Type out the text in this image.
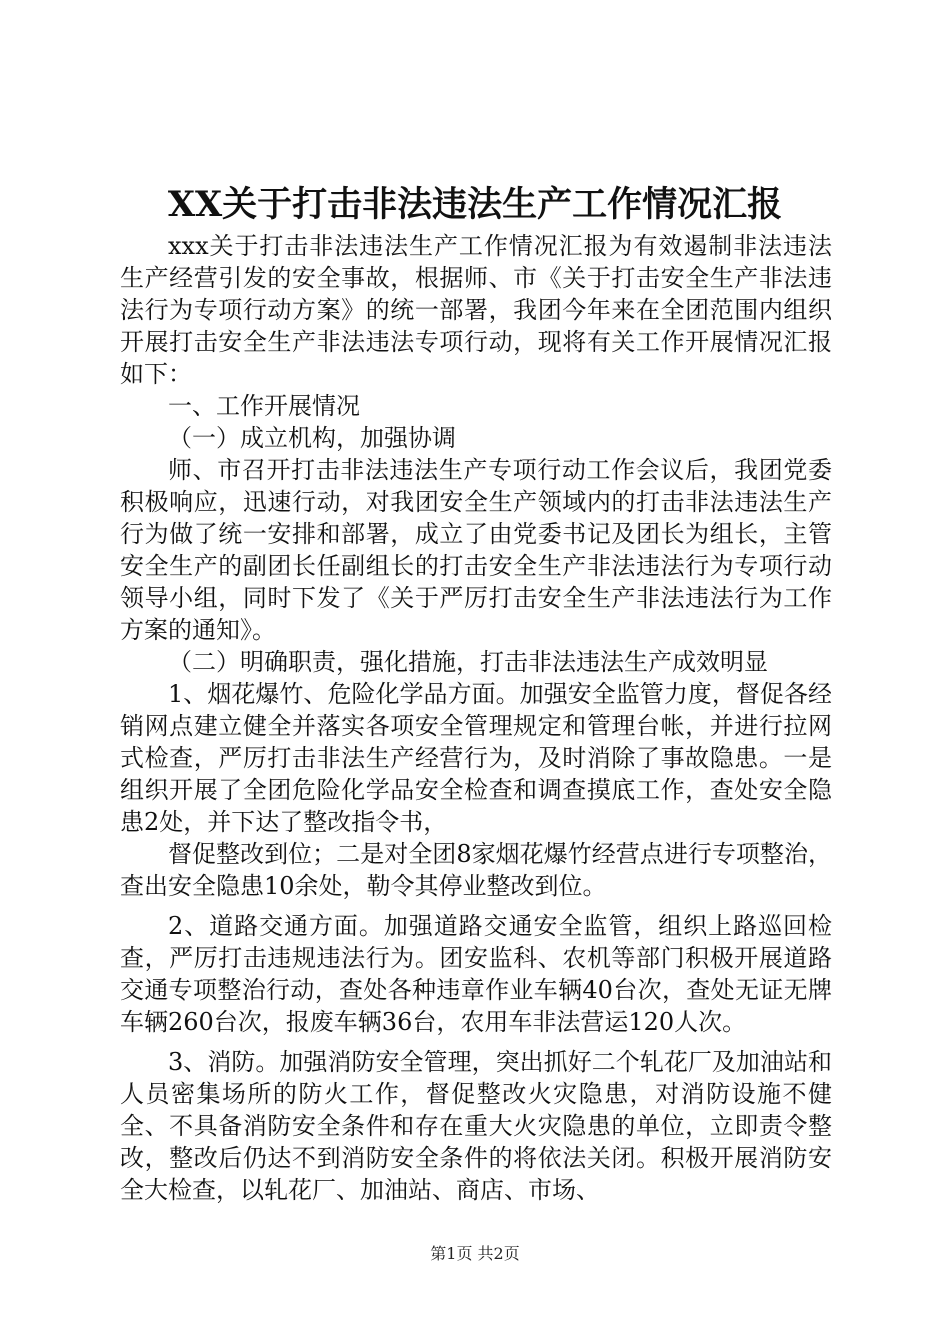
XX关于打击非法违法生产工作情况汇报

xxx关于打击非法违法生产工作情况汇报为有效遏制非法违法生产经营引发的安全事故，根据师、市《关于打击安全生产非法违法行为专项行动方案》的统一部署，我团今年来在全团范围内组织开展打击安全生产非法违法专项行动，现将有关工作开展情况汇报如下：

一、工作开展情况

（一）成立机构，加强协调

师、市召开打击非法违法生产专项行动工作会议后，我团党委积极响应，迅速行动，对我团安全生产领域内的打击非法违法生产行为做了统一安排和部署，成立了由党委书记及团长为组长，主管安全生产的副团长任副组长的打击安全生产非法违法行为专项行动领导小组，同时下发了《关于严厉打击安全生产非法违法行为工作方案的通知》。

（二）明确职责，强化措施，打击非法违法生产成效明显

1、烟花爆竹、危险化学品方面。加强安全监管力度，督促各经销网点建立健全并落实各项安全管理规定和管理台帐，并进行拉网式检查，严厉打击非法生产经营行为，及时消除了事故隐患。一是组织开展了全团危险化学品安全检查和调查摸底工作，查处安全隐患2处，并下达了整改指令书，

督促整改到位；二是对全团8家烟花爆竹经营点进行专项整治，查出安全隐患10余处，勒令其停业整改到位。

2、道路交通方面。加强道路交通安全监管，组织上路巡回检查，严厉打击违规违法行为。团安监科、农机等部门积极开展道路交通专项整治行动，查处各种违章作业车辆40台次，查处无证无牌车辆260台次，报废车辆36台，农用车非法营运120人次。

3、消防。加强消防安全管理，突出抓好二个轧花厂及加油站和人员密集场所的防火工作，督促整改火灾隐患，对消防设施不健全、不具备消防安全条件和存在重大火灾隐患的单位，立即责令整改，整改后仍达不到消防安全条件的将依法关闭。积极开展消防安全大检查，以轧花厂、加油站、商店、市场、

第1页 共2页
